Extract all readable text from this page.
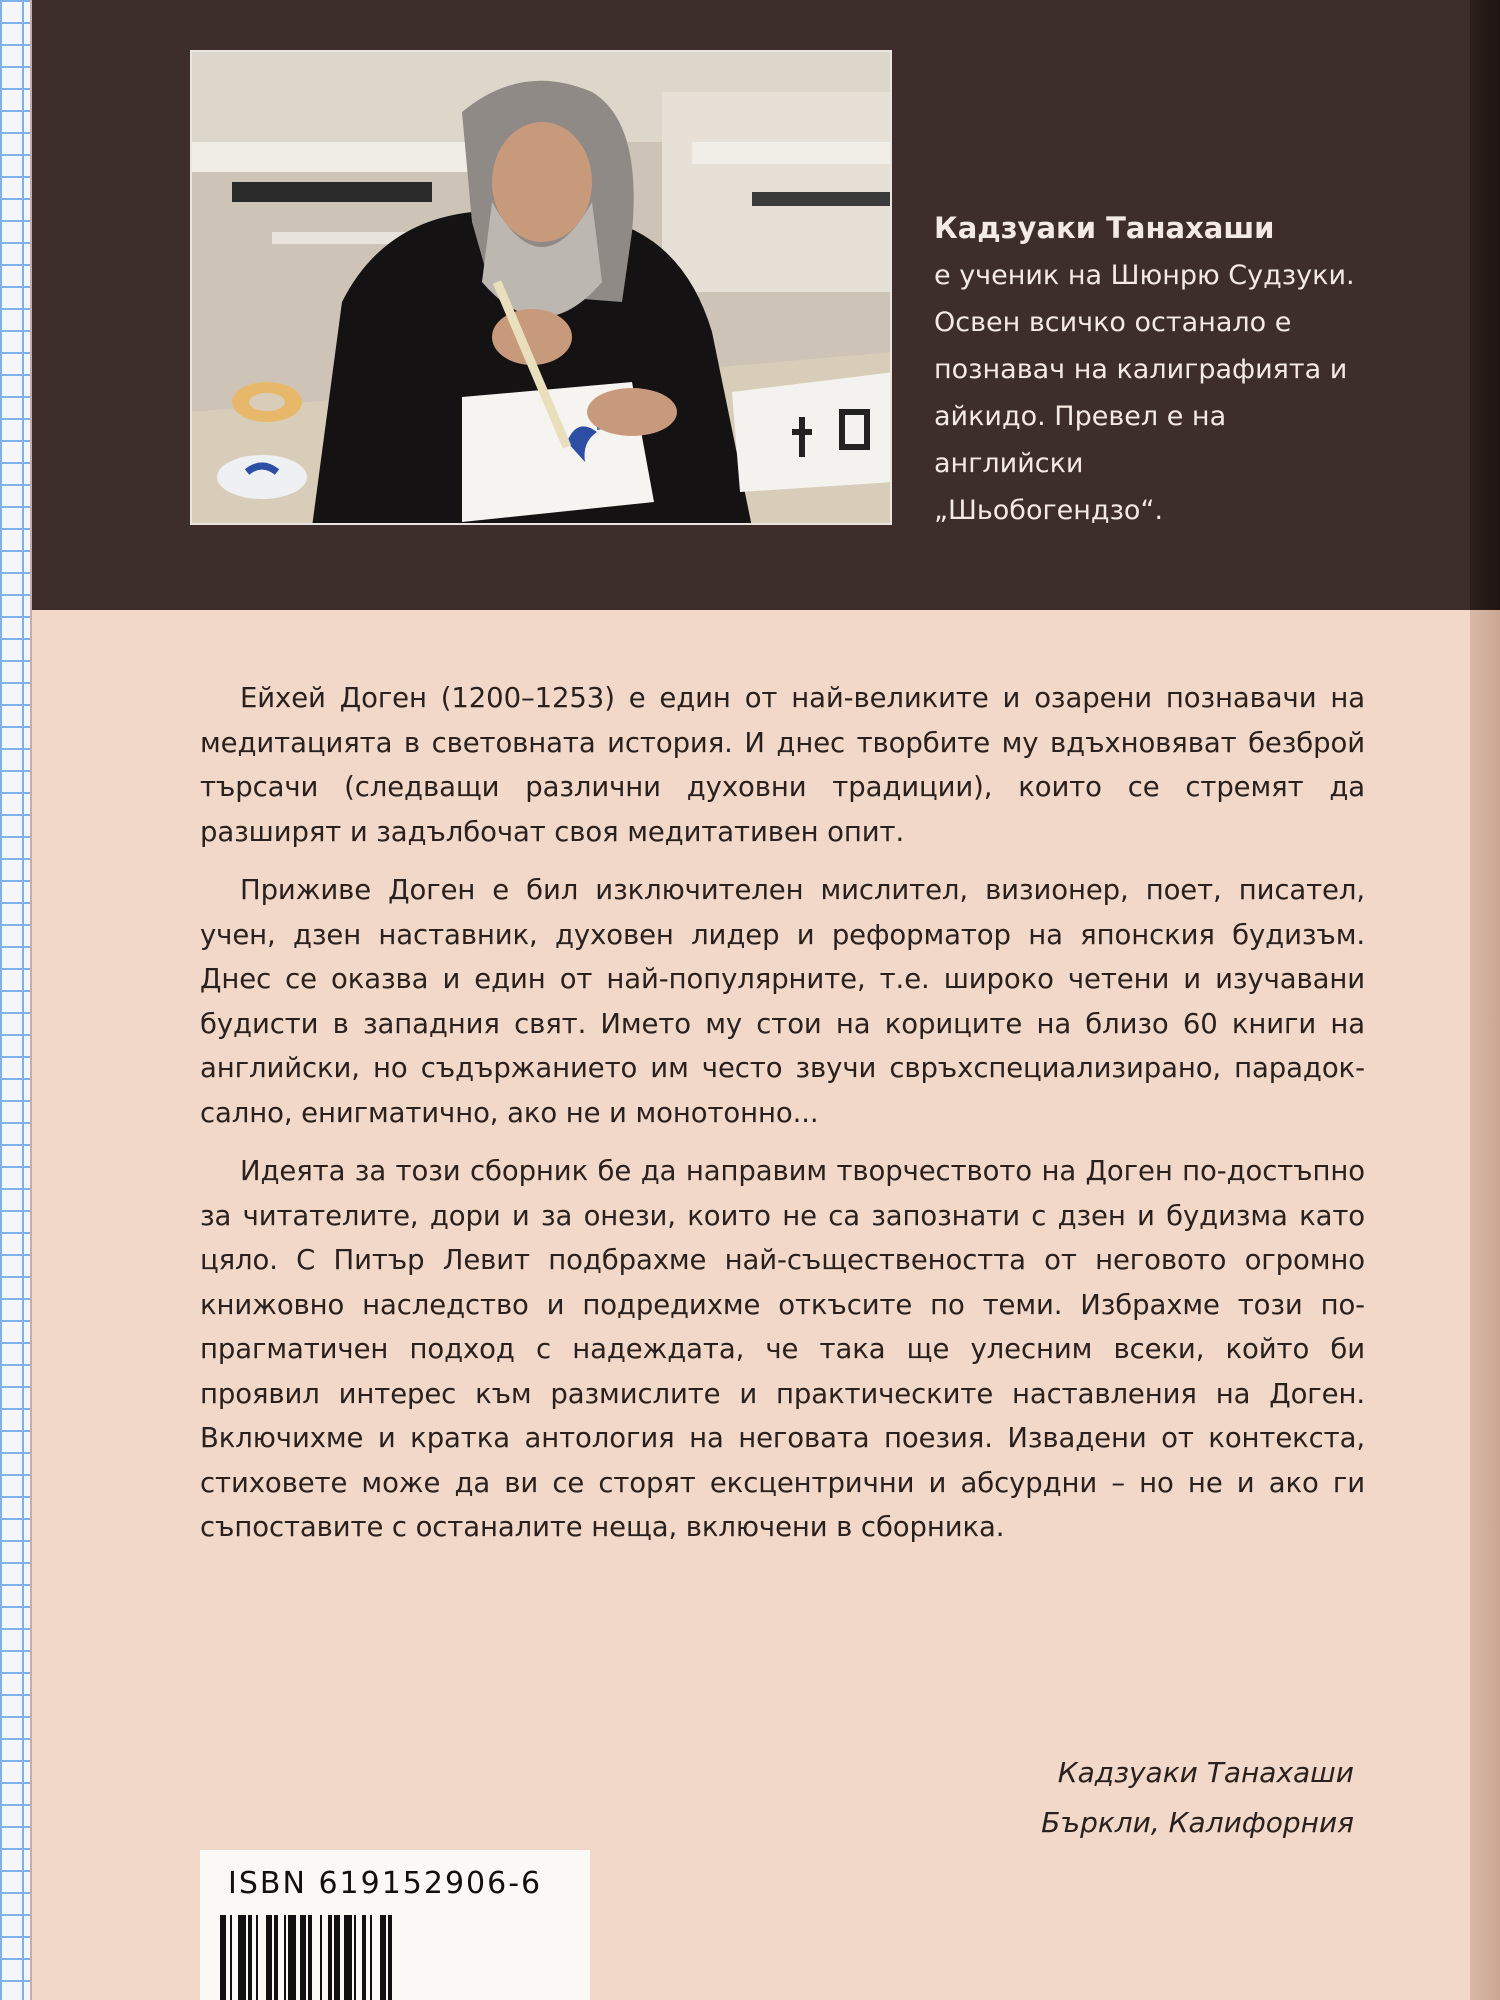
Кадзуаки Танахаши
е ученик на Шюнрю Судзуки.
Освен всичко останало е
познавач на калиграфията и
айкидо. Превел е на английски
„Шьобогендзо“.

Ейхей Доген (1200–1253) е един от най-великите и озарени познавачи на медитацията в световната история. И днес творбите му вдъхновяват безброй търсачи (следващи различни духовни традиции), които се стремят да разширят и задълбочат своя медитативен опит.

Приживе Доген е бил изключителен мислител, визионер, поет, писател, учен, дзен наставник, духовен лидер и реформатор на японския будизъм. Днес се оказва и един от най-популярните, т.е. широко четени и изучавани будисти в западния свят. Името му стои на кориците на близо 60 книги на английски, но съдържанието им често звучи свръхспециализирано, парадоксално, енигматично, ако не и монотонно...

Идеята за този сборник бе да направим творчеството на Доген по-достъпно за читателите, дори и за онези, които не са запознати с дзен и будизма като цяло. С Питър Левит подбрахме най-съществеността от неговото огромно книжовно наследство и подредихме откъсите по теми. Избрахме този по-прагматичен подход с надеждата, че така ще улесним всеки, който би проявил интерес към размислите и практическите наставления на Доген. Включихме и кратка антология на неговата поезия. Извадени от контекста, стиховете може да ви се сторят ексцентрични и абсурдни – но не и ако ги съпоставите с останалите неща, включени в сборника.

Кадзуаки Танахаши
Бъркли, Калифорния
ISBN 619152906-6
